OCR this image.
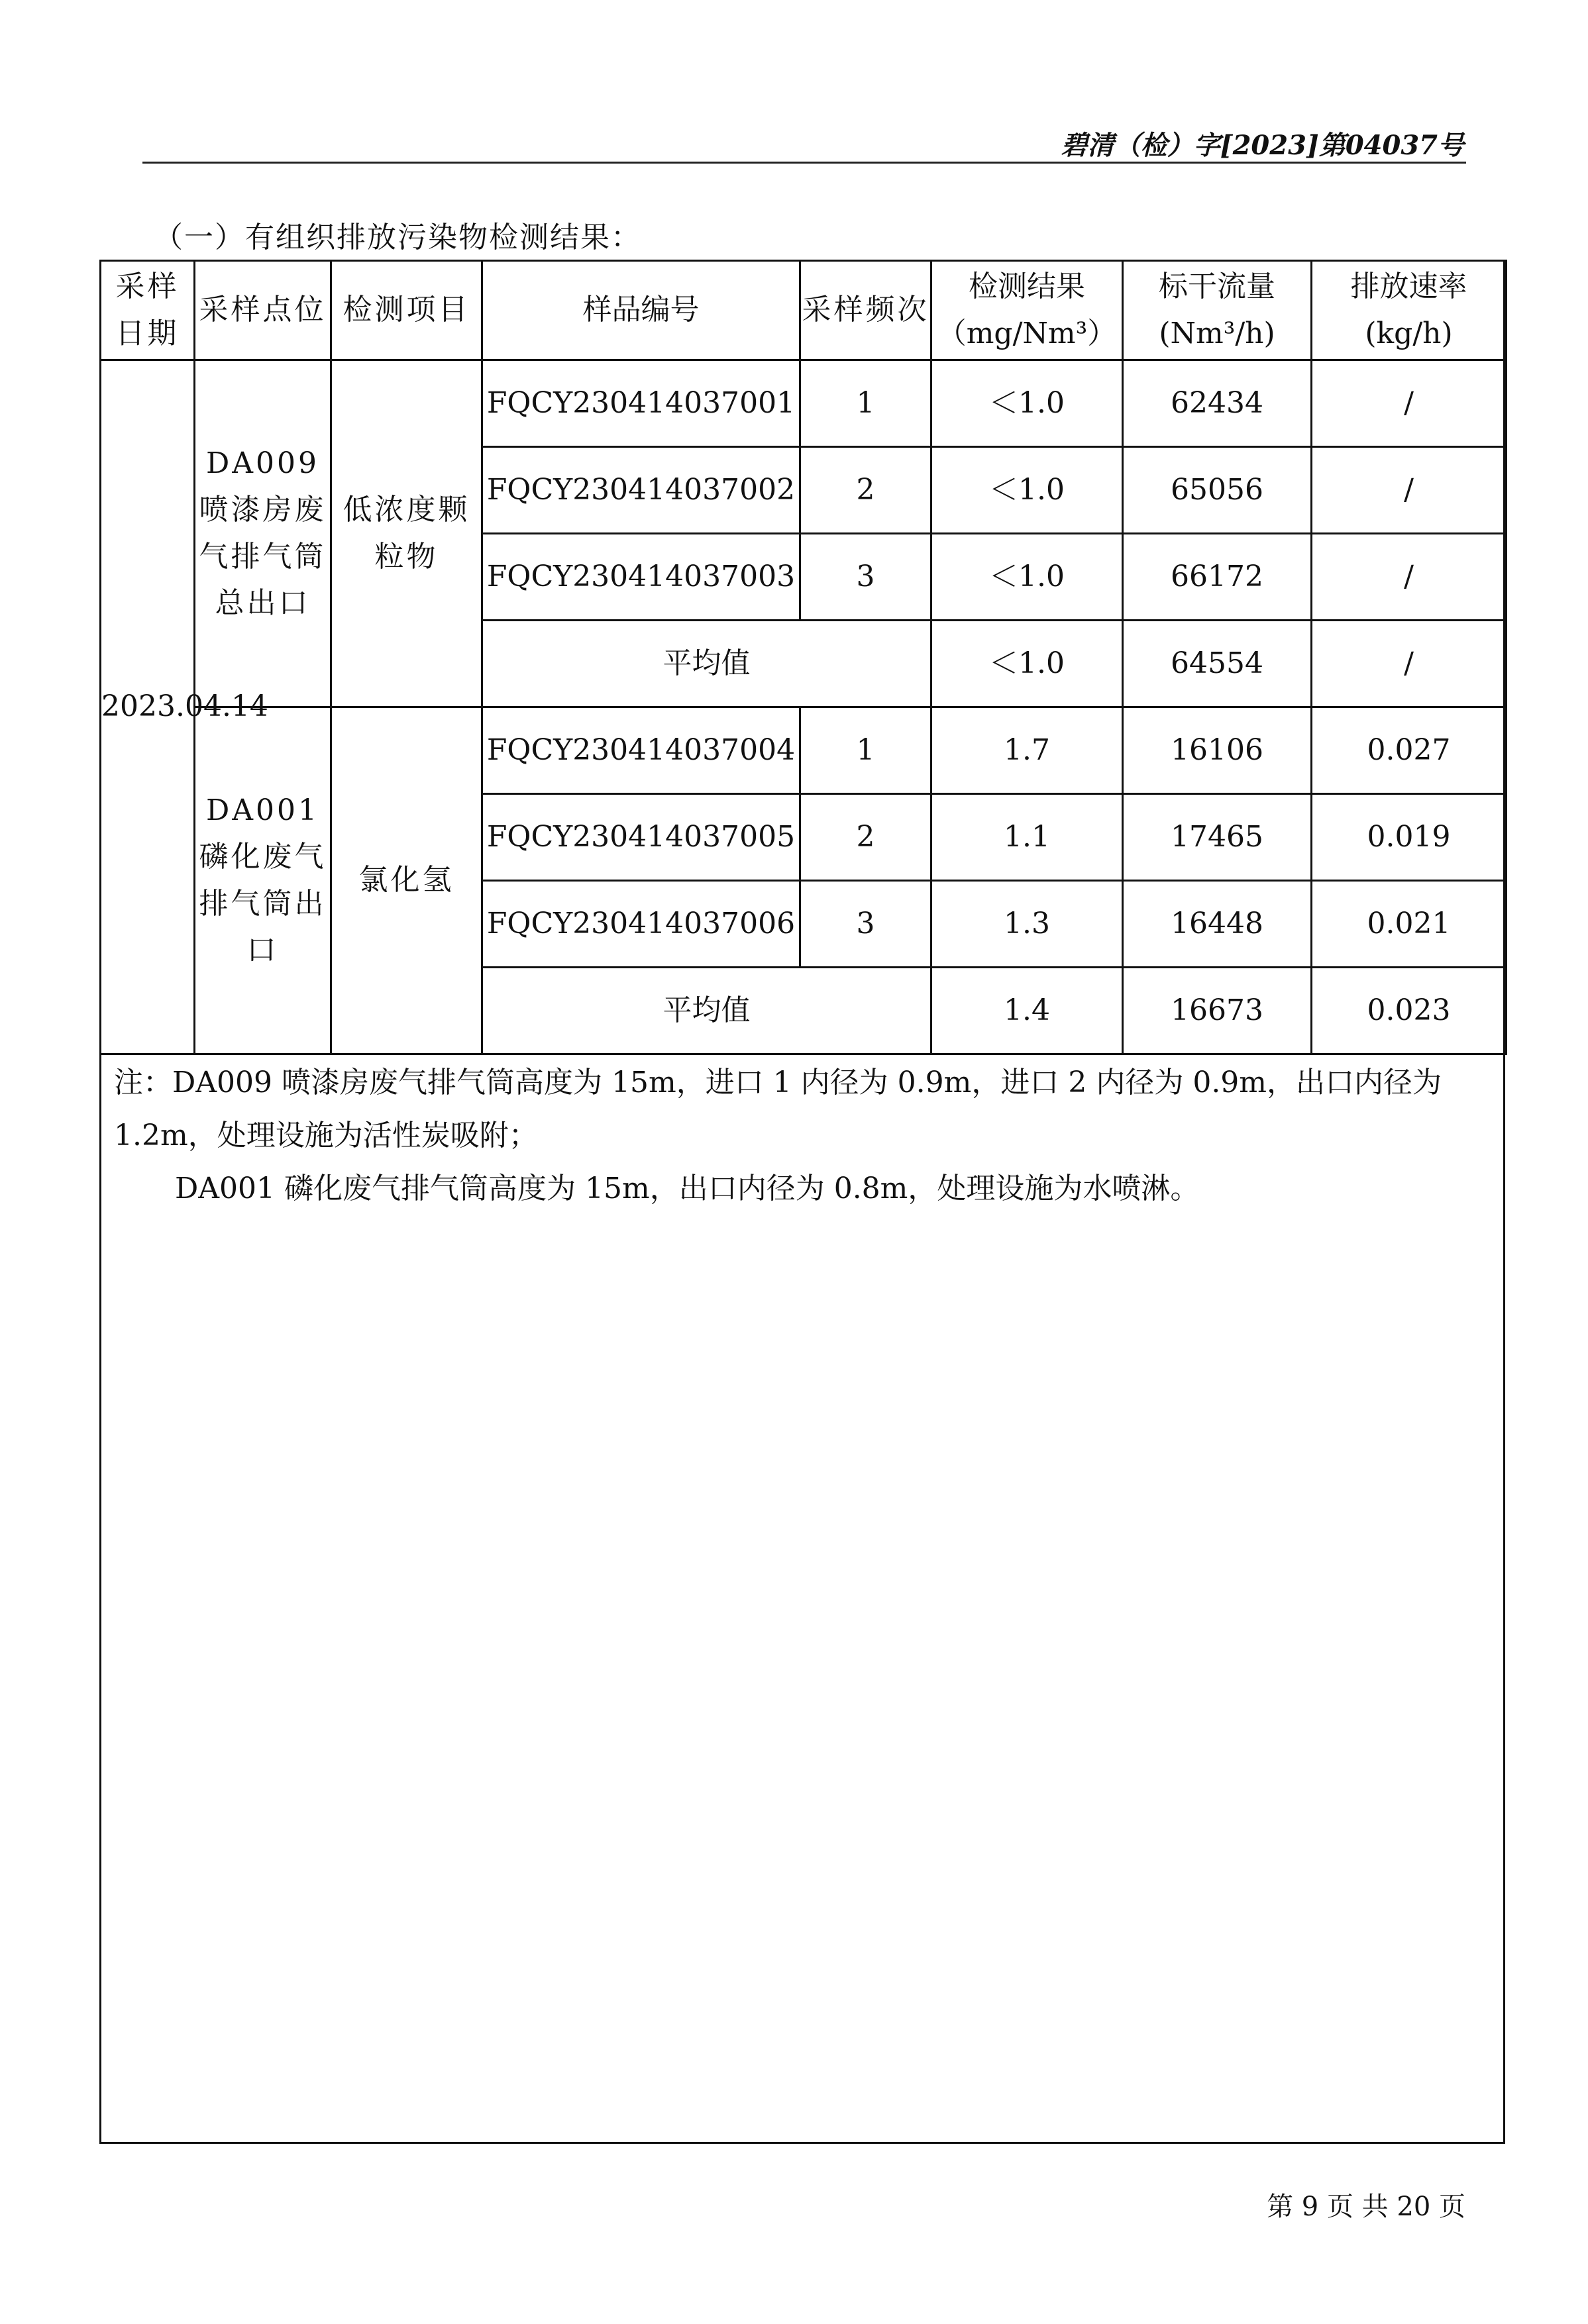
碧清（检）字[2023]第04037号
（一）有组织排放污染物检测结果：
采样日期	采样点位	检测项目	样品编号	采样频次	检测结果（mg/Nm³）	标干流量(Nm³/h)	排放速率(kg/h)
2023.04.14	DA009喷漆房废气排气筒总出口	低浓度颗粒物	FQCY230414037001	1	＜1.0	62434	/
			FQCY230414037002	2	＜1.0	65056	/
			FQCY230414037003	3	＜1.0	66172	/
			平均值		＜1.0	64554	/
	DA001磷化废气排气筒出口	氯化氢	FQCY230414037004	1	1.7	16106	0.027
			FQCY230414037005	2	1.1	17465	0.019
			FQCY230414037006	3	1.3	16448	0.021
			平均值		1.4	16673	0.023
注：DA009 喷漆房废气排气筒高度为 15m，进口 1 内径为 0.9m，进口 2 内径为 0.9m，出口内径为 1.2m，处理设施为活性炭吸附；
DA001 磷化废气排气筒高度为 15m，出口内径为 0.8m，处理设施为水喷淋。
第 9 页 共 20 页
